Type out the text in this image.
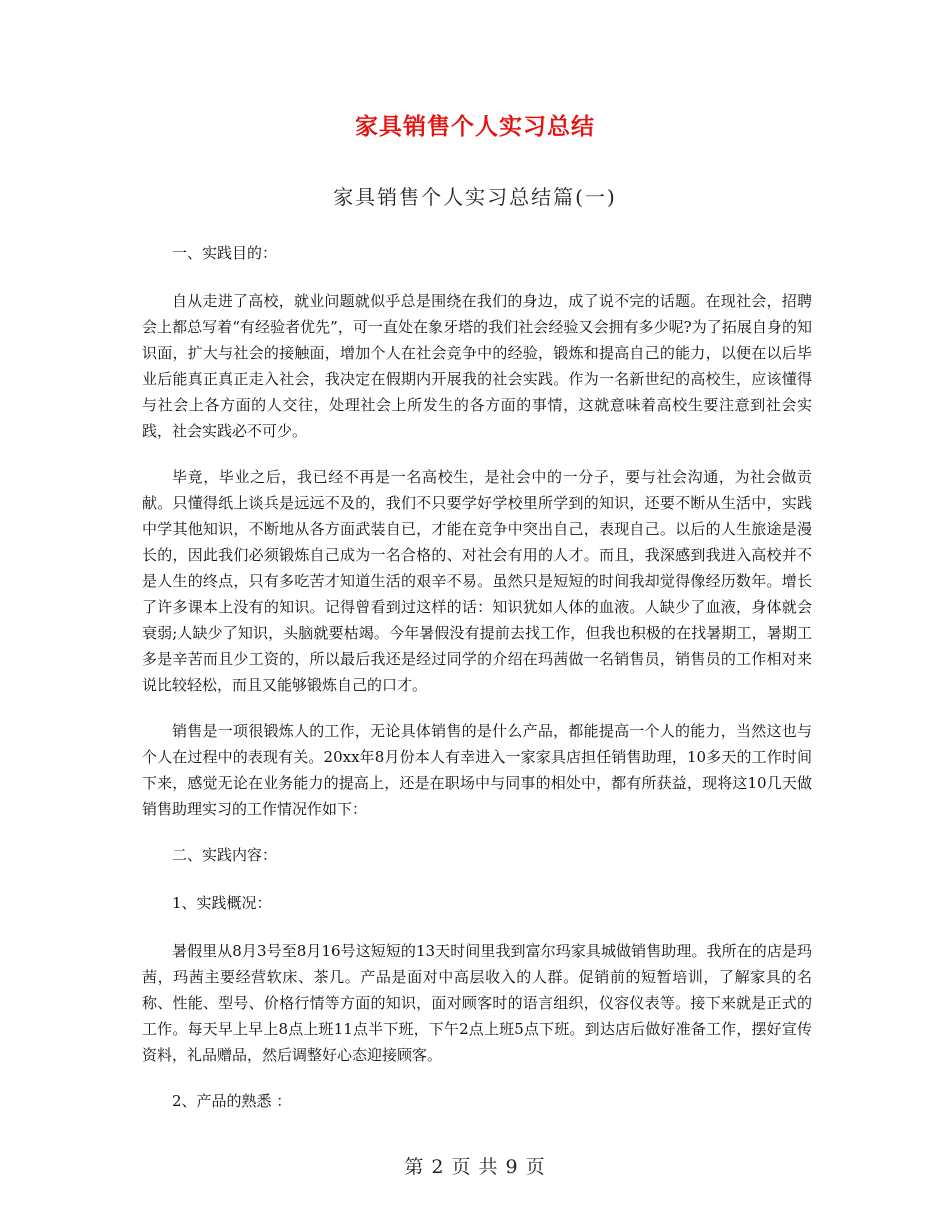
家具销售个人实习总结
家具销售个人实习总结篇(一)

一、实践目的：

自从走进了高校，就业问题就似乎总是围绕在我们的身边，成了说不完的话题。在现社会，招聘会上都总写着“有经验者优先”，可一直处在象牙塔的我们社会经验又会拥有多少呢?为了拓展自身的知识面，扩大与社会的接触面，增加个人在社会竞争中的经验，锻炼和提高自己的能力，以便在以后毕业后能真正真正走入社会，我决定在假期内开展我的社会实践。作为一名新世纪的高校生，应该懂得与社会上各方面的人交往，处理社会上所发生的各方面的事情，这就意味着高校生要注意到社会实践，社会实践必不可少。

毕竟，毕业之后，我已经不再是一名高校生，是社会中的一分子，要与社会沟通，为社会做贡献。只懂得纸上谈兵是远远不及的，我们不只要学好学校里所学到的知识，还要不断从生活中，实践中学其他知识，不断地从各方面武装自已，才能在竞争中突出自己，表现自己。以后的人生旅途是漫长的，因此我们必须锻炼自己成为一名合格的、对社会有用的人才。而且，我深感到我进入高校并不是人生的终点，只有多吃苦才知道生活的艰辛不易。虽然只是短短的时间我却觉得像经历数年。增长了许多课本上没有的知识。记得曾看到过这样的话：知识犹如人体的血液。人缺少了血液，身体就会衰弱;人缺少了知识，头脑就要枯竭。今年暑假没有提前去找工作，但我也积极的在找暑期工，暑期工多是辛苦而且少工资的，所以最后我还是经过同学的介绍在玛茜做一名销售员，销售员的工作相对来说比较轻松，而且又能够锻炼自己的口才。

销售是一项很锻炼人的工作，无论具体销售的是什么产品，都能提高一个人的能力，当然这也与个人在过程中的表现有关。20xx年8月份本人有幸进入一家家具店担任销售助理，10多天的工作时间下来，感觉无论在业务能力的提高上，还是在职场中与同事的相处中，都有所获益，现将这10几天做销售助理实习的工作情况作如下：

二、实践内容：

1、实践概况：

暑假里从8月3号至8月16号这短短的13天时间里我到富尔玛家具城做销售助理。我所在的店是玛茜，玛茜主要经营软床、茶几。产品是面对中高层收入的人群。促销前的短暂培训，了解家具的名称、性能、型号、价格行情等方面的知识，面对顾客时的语言组织，仪容仪表等。接下来就是正式的工作。每天早上早上8点上班11点半下班，下午2点上班5点下班。到达店后做好准备工作，摆好宣传资料，礼品赠品，然后调整好心态迎接顾客。

2、产品的熟悉 ：

第 2 页 共 9 页
